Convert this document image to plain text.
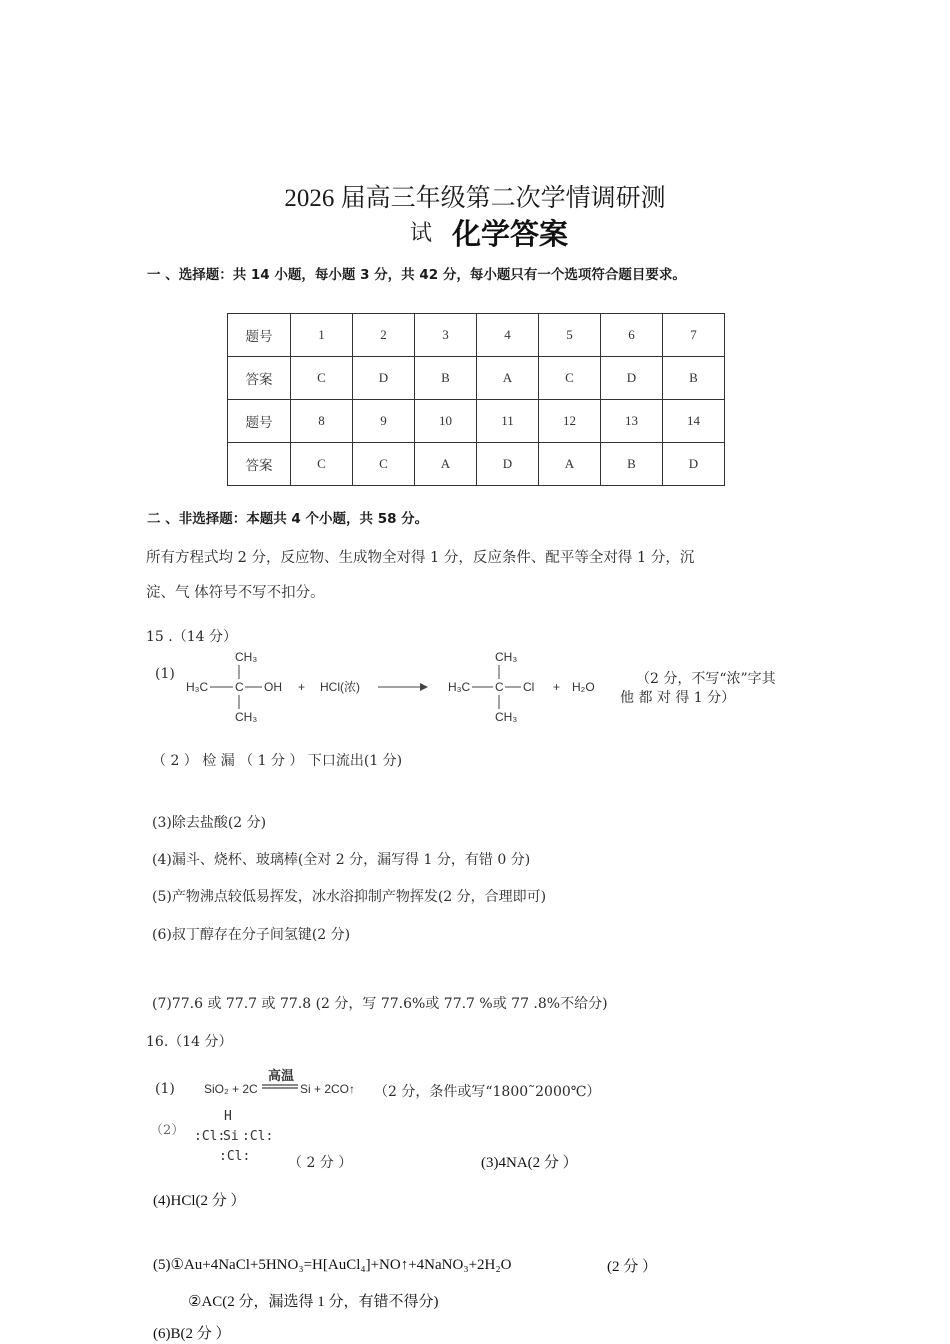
2026 届高三年级第二次学情调研测
试 化学答案
一 、选择题：共 14 小题，每小题 3 分，共 42 分，每小题只有一个选项符合题目要求。
题号	1	2	3	4	5	6	7
答案	C	D	B	A	C	D	B
题号	8	9	10	11	12	13	14
答案	C	C	A	D	A	B	D
二 、非选择题：本题共 4 个小题，共 58 分。
所有方程式均 2 分，反应物、生成物全对得 1 分，反应条件、配平等全对得 1 分，沉
淀、气 体符号不写不扣分。
15 .（14 分）
(1)
CH₃
H₃C C OH
CH₃
+ HCl(浓)
CH₃
H₃C C Cl
CH₃
+ H₂O	（2 分，不写“浓”字其
他 都 对 得 1 分）
（ 2 ） 检 漏 （ 1 分 ） 下口流出(1 分)
(3)除去盐酸(2 分)
(4)漏斗、烧杯、玻璃棒(全对 2 分，漏写得 1 分，有错 0 分)
(5)产物沸点较低易挥发，冰水浴抑制产物挥发(2 分，合理即可)
(6)叔丁醇存在分子间氢键(2 分)
(7)77.6 或 77.7 或 77.8 (2 分，写 77.6%或 77.7 %或 77 .8%不给分)
16.（14 分）
(1) SiO₂ + 2C
高温
Si + 2CO↑ （2 分，条件或写“1800˜2000℃）
（2）
H
:Cl:
Si :Cl:
:Cl:	（ 2 分 ）	(3)4NA(2 分 ）
(4)HCl(2 分 ）
(5)①Au+4NaCl+5HNO₃=H[AuCl₄]+NO↑+4NaNO₃+2H₂O	(2 分 ）
②AC(2 分，漏选得 1 分，有错不得分)
(6)B(2 分 ）
